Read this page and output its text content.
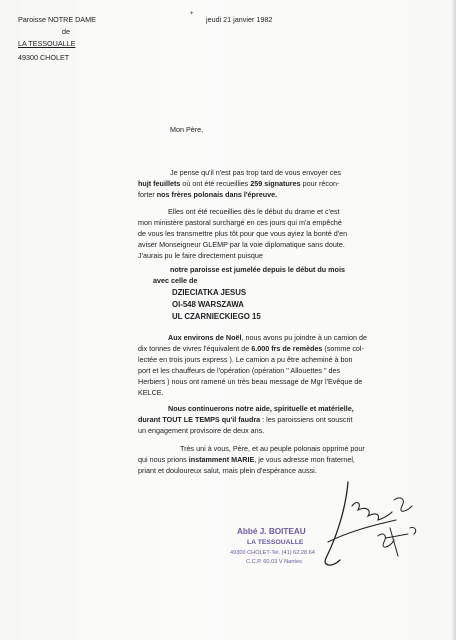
Paroisse NOTRE DAME
de
LA TESSOUALLE
49300 CHOLET
+
jeudi 21 janvier 1982
Mon Père,
Je pense qu'il n'est pas trop tard de vous envoyer ces
hujt feuillets où ont été recueillies 259 signatures pour récon-
forter nos frères polonais dans l'épreuve.
Elles ont été recueillies dès le début du drame et c'est
mon ministère pastoral surchargé en ces jours qui m'a empêché
de vous les transmettre plus tôt pour que vous ayiez la bonté d'en
aviser Monseigneur GLEMP par la voie diplomatique sans doute.
J'aurais pu le faire directement puisque
notre paroisse est jumelée depuis le début du mois
avec celle de
DZIECIATKA JESUS
OI-548 WARSZAWA
UL CZARNIECKIEGO 15
Aux environs de Noël, nous avons pu joindre à un camion de
dix tonnes de vivres l'équivalent de 6.000 frs de remèdes (somme col-
lectée en trois jours express ). Le camion a pu être acheminé à bon
port et les chauffeurs de l'opération (opération " Allouettes " des
Herbiers ) nous ont ramené un très beau message de Mgr l'Evêque de
KELCE.
Nous continuerons notre aide, spirituelle et matérielle,
durant TOUT LE TEMPS qu'il faudra : les paroissiens ont souscrit
un engagement provisoire de deux ans.
Très uni à vous, Père, et au peuple polonais opprimé pour
qui nous prions instamment MARIE, je vous adresse mon fraternel,
priant et douloureux salut, mais plein d'espérance aussi.
Abbé J. BOITEAU
LA TESSOUALLE
49300 CHOLET-Tel. (41) 62.28.64
C.C.P. 60.03 V Nantes
